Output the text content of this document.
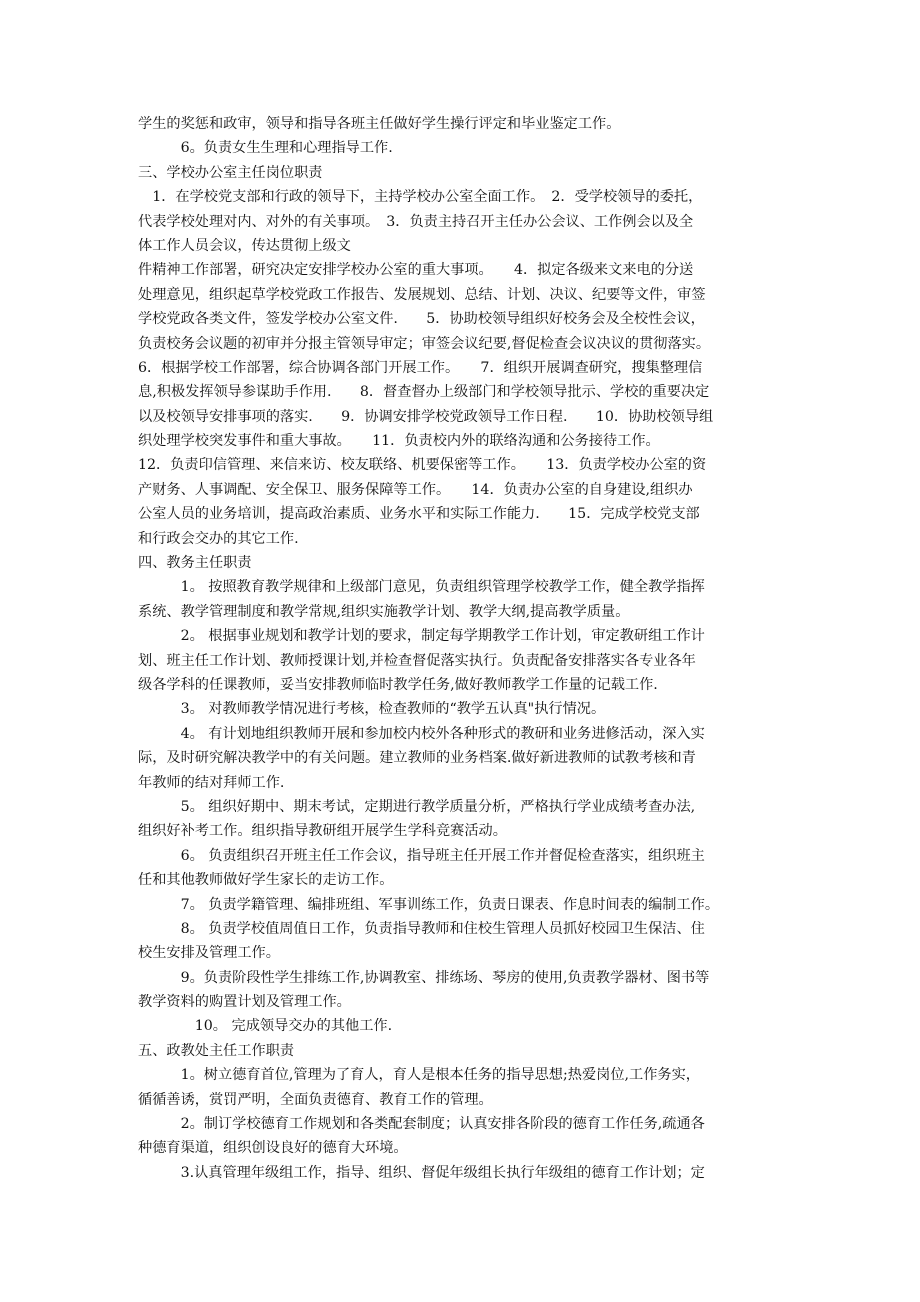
学生的奖惩和政审，领导和指导各班主任做好学生操行评定和毕业鉴定工作。
　　　6。负责女生生理和心理指导工作.
三、学校办公室主任岗位职责
　1．在学校党支部和行政的领导下，主持学校办公室全面工作。　2．受学校领导的委托，
代表学校处理对内、对外的有关事项。　3．负责主持召开主任办公会议、工作例会以及全
体工作人员会议，传达贯彻上级文
件精神工作部署，研究决定安排学校办公室的重大事项。　　4．拟定各级来文来电的分送
处理意见，组织起草学校党政工作报告、发展规划、总结、计划、决议、纪要等文件，审签
学校党政各类文件，签发学校办公室文件.　　5．协助校领导组织好校务会及全校性会议，
负责校务会议题的初审并分报主管领导审定；审签会议纪要,督促检查会议决议的贯彻落实。
6．根据学校工作部署，综合协调各部门开展工作。　　7．组织开展调查研究，搜集整理信
息,积极发挥领导参谋助手作用.　　8．督查督办上级部门和学校领导批示、学校的重要决定
以及校领导安排事项的落实.　　9．协调安排学校党政领导工作日程.　　10．协助校领导组
织处理学校突发事件和重大事故。　　11．负责校内外的联络沟通和公务接待工作。
12．负责印信管理、来信来访、校友联络、机要保密等工作。　　13．负责学校办公室的资
产财务、人事调配、安全保卫、服务保障等工作。　　14．负责办公室的自身建设,组织办
公室人员的业务培训，提高政治素质、业务水平和实际工作能力.　　15．完成学校党支部
和行政会交办的其它工作.
四、教务主任职责
　　　1。 按照教育教学规律和上级部门意见，负责组织管理学校教学工作，健全教学指挥
系统、教学管理制度和教学常规,组织实施教学计划、教学大纲,提高教学质量。
　　　2。 根据事业规划和教学计划的要求，制定每学期教学工作计划，审定教研组工作计
划、班主任工作计划、教师授课计划,并检查督促落实执行。负责配备安排落实各专业各年
级各学科的任课教师，妥当安排教师临时教学任务,做好教师教学工作量的记载工作.
　　　3。 对教师教学情况进行考核，检查教师的“教学五认真"执行情况。
　　　4。 有计划地组织教师开展和参加校内校外各种形式的教研和业务进修活动，深入实
际，及时研究解决教学中的有关问题。建立教师的业务档案.做好新进教师的试教考核和青
年教师的结对拜师工作.
　　　5。 组织好期中、期末考试，定期进行教学质量分析，严格执行学业成绩考查办法,
组织好补考工作。组织指导教研组开展学生学科竞赛活动。
　　　6。 负责组织召开班主任工作会议，指导班主任开展工作并督促检查落实，组织班主
任和其他教师做好学生家长的走访工作。
　　　7。 负责学籍管理、编排班组、军事训练工作，负责日课表、作息时间表的编制工作。
　　　8。 负责学校值周值日工作，负责指导教师和住校生管理人员抓好校园卫生保洁、住
校生安排及管理工作。
　　　9。负责阶段性学生排练工作,协调教室、排练场、琴房的使用,负责教学器材、图书等
教学资料的购置计划及管理工作。
　　　　10。 完成领导交办的其他工作.
五、政教处主任工作职责
　　　1。树立德育首位,管理为了育人，育人是根本任务的指导思想;热爱岗位,工作务实，
循循善诱，赏罚严明，全面负责德育、教育工作的管理。
　　　2。制订学校德育工作规划和各类配套制度；认真安排各阶段的德育工作任务,疏通各
种德育渠道，组织创设良好的德育大环境。
　　　3.认真管理年级组工作，指导、组织、督促年级组长执行年级组的德育工作计划；定
